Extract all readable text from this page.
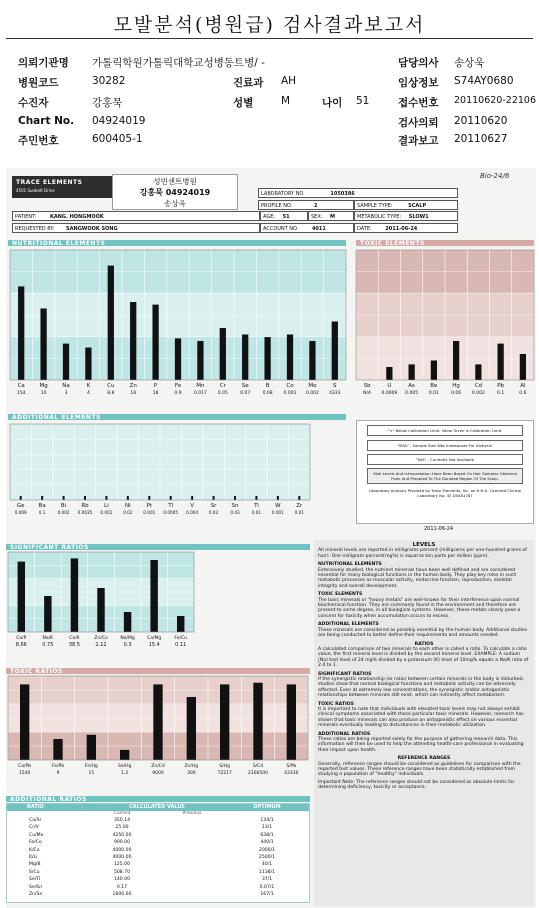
모발분석(병원급) 검사결과보고서
의뢰기관명 가톨릭학원가톨릭대학교성병동트병/ -	담당의사 송상욱
병원코드	30282	진료과 AH	임상정보 S74AY0680
수진자	강홍묵	성별	M	나이 51	접수번호 20110620-22106
Chart No. 04924019	검사의뢰 20110620
주민번호	600405-1	결과보고 20110627
TRACE ELEMENTS
4501 Sunbelt Drive
성빈센트병원
강홍묵 04924019
송상욱
Bio-24/6
LABORATORY NO.	1050386
PROFILE NO.	2	SAMPLE TYPE:	SCALP
PATIENT:	KANG. HONGMOOK	AGE: 51	SEX: M	METABOLIC TYPE: SLOW1
REQUESTED BY: SANGWOOK SONG	ACCOUNT NO.	4011	DATE:	2011-06-24
NUTRITIONAL ELEMENTS	TOXIC ELEMENTS
ADDITIONAL ELEMENTS
SIGNIFICANT RATIOS
TOXIC RATIOS
ADDITIONAL RATIOS
Ca
154
Mg
10
Na
3
K
4
Cu
8.8
Zn
18
P
18
Fe
0.9
Mn
0.017
Cr
0.05
Se
0.07
B
0.08
Co
0.001
Mo
0.002
S
4333
Sb
N/A
U
0.0009
As
0.005
Be
0.01
Hg
0.06
Cd
0.002
Pb
0.1
Al
0.6
Ge
0.009
Ba
0.1
Bi
0.002
Rb
0.0035
Li
0.001
Ni
0.02
Pt
0.001
Tl
0.0005
V
0.004
Sr
0.02
Sn
0.43
Ti
0.01
W
0.001
Zr
0.01
Ca/P
8.66
Na/K
0.75
Ca/K
38.5
Zn/Cu
2.12
Na/Mg
0.3
Ca/Mg
15.4
Fe/Cu
0.11
Ca/Pb
1540
Fe/Pb
9
Fe/Hg
15
Se/Hg
1.2
Zn/Cd
9000
Zn/Hg
300
S/Hg
72217
S/Cd
2166500
S/Pb
43330
"<" Below Calibration Limit. Value Given is Calibration Limit.
"SMA" - Sample Size Was Inadequate For Analysis.
"N/A" - Currently Not Available
Vital Levels And Interpretation Have Been Based On Hair Samples Obtained From And Prepared To The Donated Region Of The Scalp.
Laboratory Analysis Provided by Trace Elements, Inc. an H.H.A. Licensed Clinical Laboratory No. 45 D0481787
2011-06-24
LEVELS
All mineral levels are reported in milligrams percent (milligrams per one-hundred grams of hair). One milligram percent(mg%) is equal to ten parts per million (ppm).
NUTRITIONAL ELEMENTS
Extensively studied, the nutrient minerals have been well defined and are considered essential for many biological functions in the human body. They play key roles in such metabolic processes as muscular activity, endocrine function, reproduction, skeletal integrity and overall development.
TOXIC ELEMENTS
The toxic minerals or "heavy metals" are well-known for their interference upon normal biochemical function. They are commonly found in the environment and therefore are present to some degree, in all biological systems. However, these metals clearly pose a concern for toxicity when accumulation occurs to excess.
ADDITIONAL ELEMENTS
These minerals are considered as possibly essential by the human body. Additional studies are being conducted to better define their requirements and amounts needed.
RATIOS
A calculated comparison of two minerals to each other is called a ratio. To calculate a ratio value, the first mineral level is divided by the second mineral level. EXAMPLE: A sodium (Na) test level of 24 mg% divided by a potassium (K) level of 10mg% equals a Na/K ratio of 2.4 to 1.
SIGNIFICANT RATIOS
If the synergistic relationship (or ratio) between certain minerals in the body is disturbed, studies show that normal biological functions and metabolic activity can be adversely affected. Even at extremely low concentrations, the synergistic and/or antagonistic relationships between minerals still exist, which can indirectly affect metabolism.
TOXIC RATIOS
It is important to note that individuals with elevated toxic levels may not always exhibit clinical symptoms associated with those particular toxic minerals. However, research has shown that toxic minerals can also produce an antagonistic effect on various essential minerals eventually leading to disturbances in their metabolic utilization.
ADDITIONAL RATIOS
These ratios are being reported solely for the purpose of gathering research data. This information will then be used to help the attending health-care professional in evaluating their impact upon health.
REFERENCE RANGES
Generally, reference ranges should be considered as guidelines for comparison with the reported test values. These reference ranges have been statistically established from studying a population of "healthy" individuals.
Important Note: The reference ranges should not be considered as absolute limits for determining deficiency, toxicity or acceptance.
RATIO	CALCULATED VALUE	OPTIMUM
Current	Previous
Ca/Sr	350.14	134/1
Cr/V	25.00	13/1
Cu/Mo	4250.00	638/1
Fe/Co	900.00	440/1
K/Co	4000.00	2000/1
K/Li	4000.00	2500/1
Mg/B	125.00	40/1
S/Cu	508.70	1138/1
Se/Tl	140.00	37/1
Se/Sn	0.17	0.07/1
Zn/Sn	1800.00	167/1
